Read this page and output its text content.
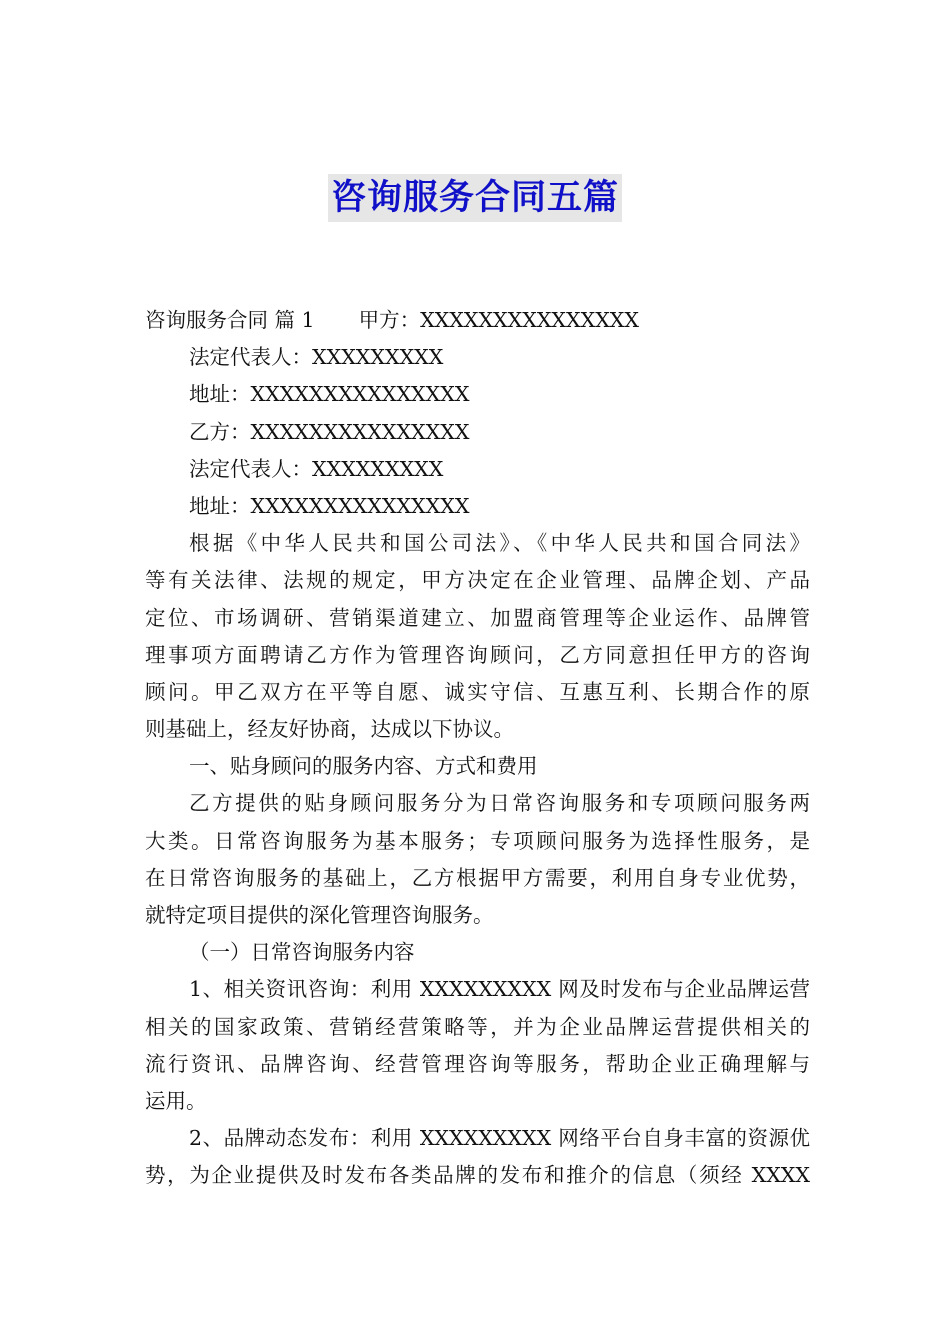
咨询服务合同五篇
咨询服务合同 篇 1 甲方：XXXXXXXXXXXXXXX
法定代表人：XXXXXXXXX
地址：XXXXXXXXXXXXXXX
乙方：XXXXXXXXXXXXXXX
法定代表人：XXXXXXXXX
地址：XXXXXXXXXXXXXXX
根据《中华人民共和国公司法》、《中华人民共和国合同法》
等有关法律、法规的规定，甲方决定在企业管理、品牌企划、产品
定位、市场调研、营销渠道建立、加盟商管理等企业运作、品牌管
理事项方面聘请乙方作为管理咨询顾问，乙方同意担任甲方的咨询
顾问。甲乙双方在平等自愿、诚实守信、互惠互利、长期合作的原
则基础上，经友好协商，达成以下协议。
一、贴身顾问的服务内容、方式和费用
乙方提供的贴身顾问服务分为日常咨询服务和专项顾问服务两
大类。日常咨询服务为基本服务；专项顾问服务为选择性服务，是
在日常咨询服务的基础上，乙方根据甲方需要，利用自身专业优势，
就特定项目提供的深化管理咨询服务。
（一）日常咨询服务内容
1、相关资讯咨询：利用 XXXXXXXXX 网及时发布与企业品牌运营
相关的国家政策、营销经营策略等，并为企业品牌运营提供相关的
流行资讯、品牌咨询、经营管理咨询等服务，帮助企业正确理解与
运用。
2、品牌动态发布：利用 XXXXXXXXX 网络平台自身丰富的资源优
势，为企业提供及时发布各类品牌的发布和推介的信息（须经 XXXX
